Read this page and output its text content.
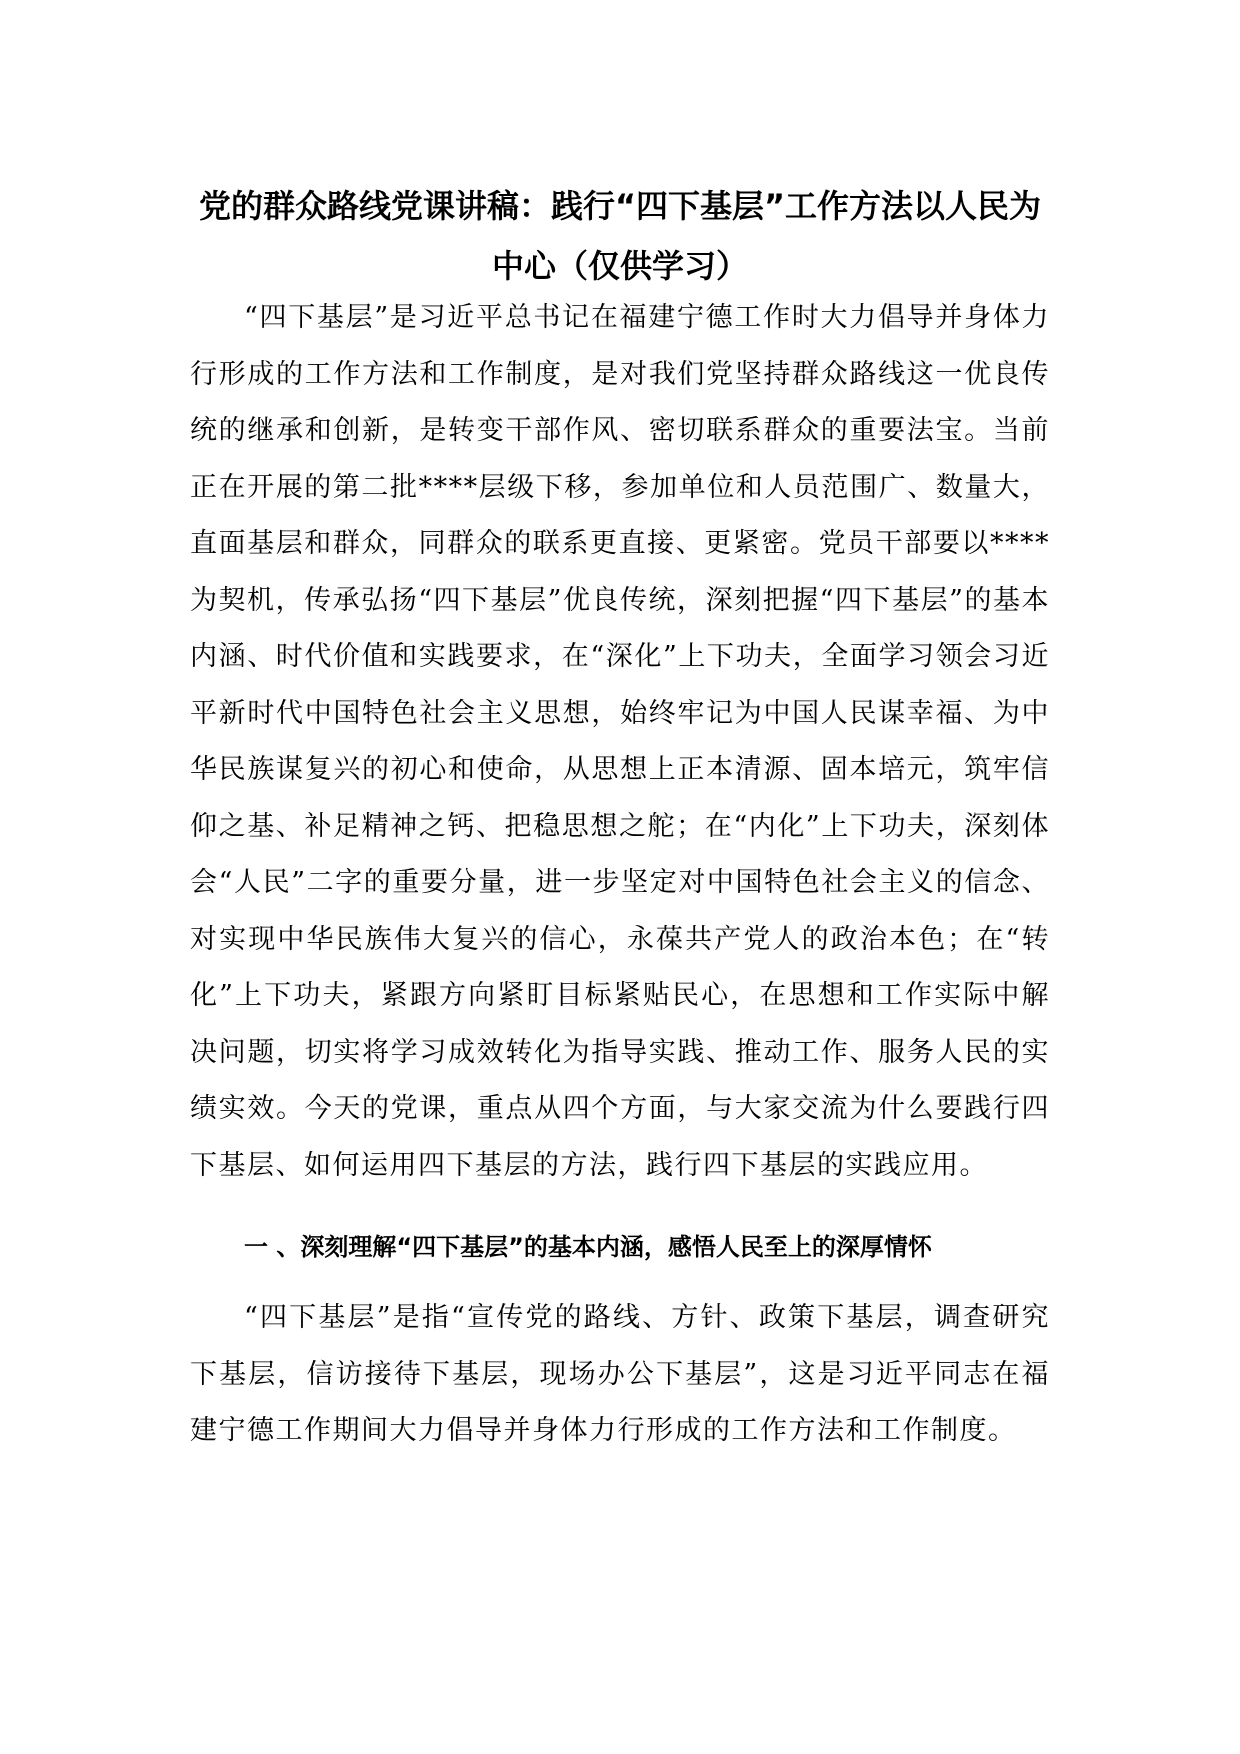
党的群众路线党课讲稿：践行“四下基层”工作方法以人民为
中心（仅供学习）
“四下基层”是习近平总书记在福建宁德工作时大力倡导并身体力行形成的工作方法和工作制度，是对我们党坚持群众路线这一优良传统的继承和创新，是转变干部作风、密切联系群众的重要法宝。当前正在开展的第二批****层级下移，参加单位和人员范围广、数量大，直面基层和群众，同群众的联系更直接、更紧密。党员干部要以****为契机，传承弘扬“四下基层”优良传统，深刻把握“四下基层”的基本内涵、时代价值和实践要求，在“深化”上下功夫，全面学习领会习近平新时代中国特色社会主义思想，始终牢记为中国人民谋幸福、为中华民族谋复兴的初心和使命，从思想上正本清源、固本培元，筑牢信仰之基、补足精神之钙、把稳思想之舵；在“内化”上下功夫，深刻体会“人民”二字的重要分量，进一步坚定对中国特色社会主义的信念、对实现中华民族伟大复兴的信心，永葆共产党人的政治本色；在“转化”上下功夫，紧跟方向紧盯目标紧贴民心，在思想和工作实际中解决问题，切实将学习成效转化为指导实践、推动工作、服务人民的实绩实效。今天的党课，重点从四个方面，与大家交流为什么要践行四下基层、如何运用四下基层的方法，践行四下基层的实践应用。
一 、深刻理解“四下基层”的基本内涵，感悟人民至上的深厚情怀
“四下基层”是指“宣传党的路线、方针、政策下基层，调查研究下基层，信访接待下基层，现场办公下基层”，这是习近平同志在福建宁德工作期间大力倡导并身体力行形成的工作方法和工作制度。
